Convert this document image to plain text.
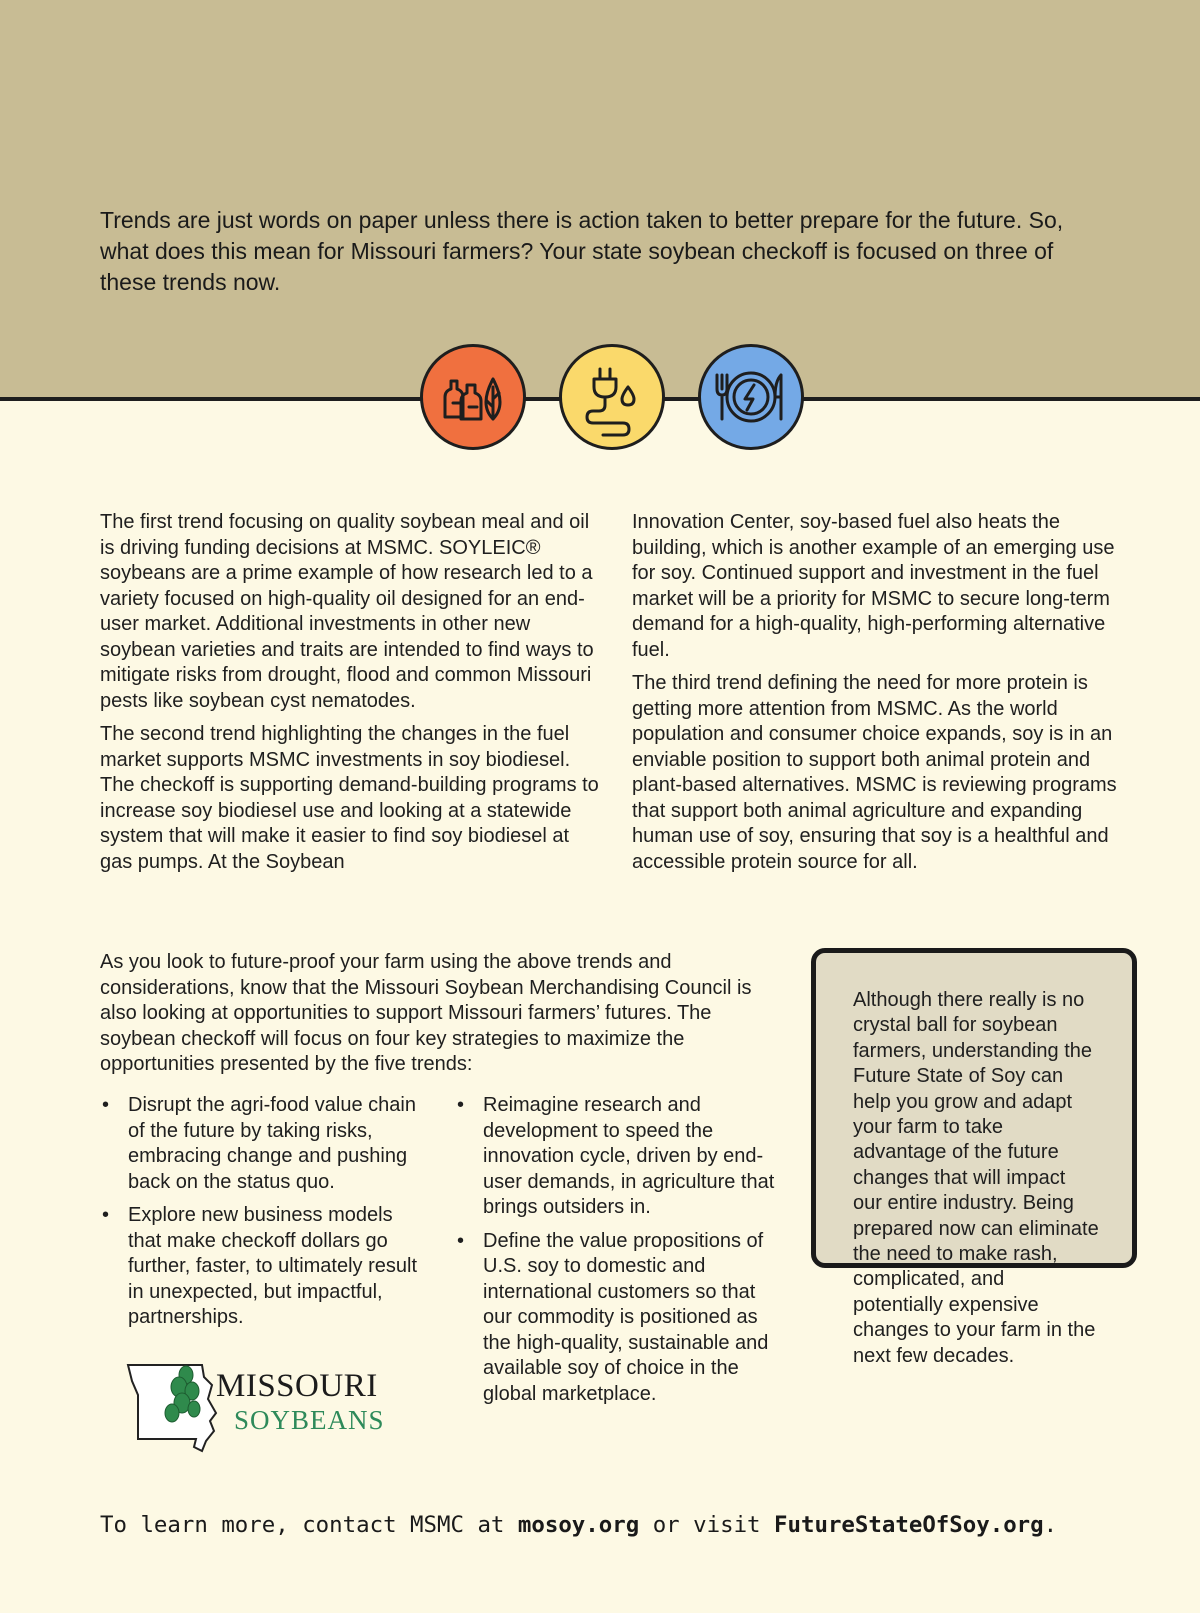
Trends are just words on paper unless there is action taken to better prepare for the future. So, what does this mean for Missouri farmers? Your state soybean checkoff is focused on three of these trends now.

The first trend focusing on quality soybean meal and oil is driving funding decisions at MSMC. SOYLEIC® soybeans are a prime example of how research led to a variety focused on high-quality oil designed for an end-user market. Additional investments in other new soybean varieties and traits are intended to find ways to mitigate risks from drought, flood and common Missouri pests like soybean cyst nematodes.

The second trend highlighting the changes in the fuel market supports MSMC investments in soy biodiesel. The checkoff is supporting demand-building programs to increase soy biodiesel use and looking at a statewide system that will make it easier to find soy biodiesel at gas pumps. At the Soybean

Innovation Center, soy-based fuel also heats the building, which is another example of an emerging use for soy. Continued support and investment in the fuel market will be a priority for MSMC to secure long-term demand for a high-quality, high-performing alternative fuel.

The third trend defining the need for more protein is getting more attention from MSMC. As the world population and consumer choice expands, soy is in an enviable position to support both animal protein and plant-based alternatives. MSMC is reviewing programs that support both animal agriculture and expanding human use of soy, ensuring that soy is a healthful and accessible protein source for all.

As you look to future-proof your farm using the above trends and considerations, know that the Missouri Soybean Merchandising Council is also looking at opportunities to support Missouri farmers’ futures. The soybean checkoff will focus on four key strategies to maximize the opportunities presented by the five trends:

• Disrupt the agri-food value chain of the future by taking risks, embracing change and pushing back on the status quo.
• Explore new business models that make checkoff dollars go further, faster, to ultimately result in unexpected, but impactful, partnerships.
• Reimagine research and development to speed the innovation cycle, driven by end-user demands, in agriculture that brings outsiders in.
• Define the value propositions of U.S. soy to domestic and international customers so that our commodity is positioned as the high-quality, sustainable and available soy of choice in the global marketplace.

Although there really is no crystal ball for soybean farmers, understanding the Future State of Soy can help you grow and adapt your farm to take advantage of the future changes that will impact our entire industry. Being prepared now can eliminate the need to make rash, complicated, and potentially expensive changes to your farm in the next few decades.

MISSOURI
SOYBEANS

To learn more, contact MSMC at mosoy.org or visit FutureStateOfSoy.org.
